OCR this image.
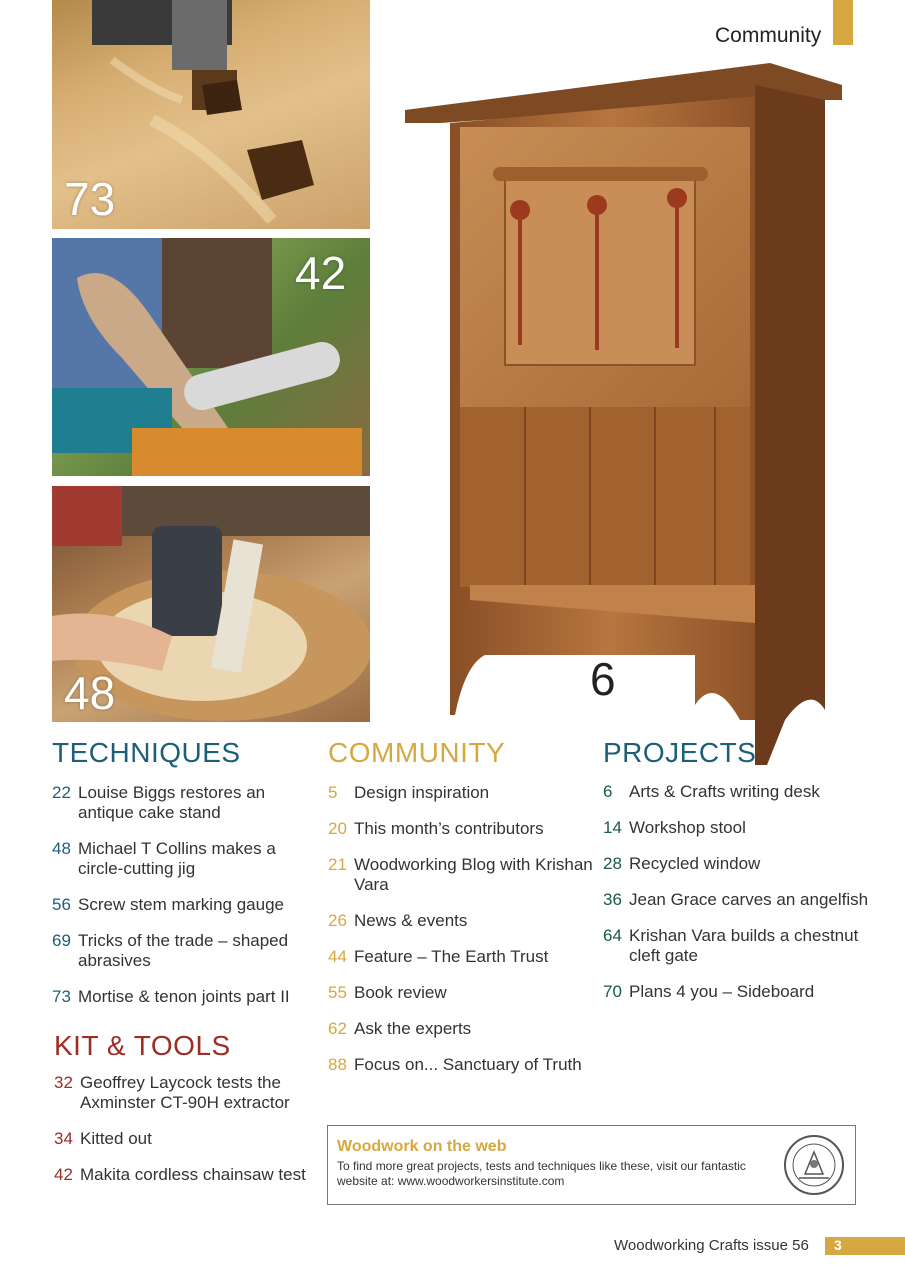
Community
73
42
48	6
TECHNIQUES
22 Louise Biggs restores an antique cake stand
48 Michael T Collins makes a circle-cutting jig
56 Screw stem marking gauge
69 Tricks of the trade – shaped abrasives
73 Mortise & tenon joints part II
KIT & TOOLS
32 Geoffrey Laycock tests the Axminster CT-90H extractor
34 Kitted out
42 Makita cordless chainsaw test
COMMUNITY
5 Design inspiration
20 This month’s contributors
21 Woodworking Blog with Krishan Vara
26 News & events
44 Feature – The Earth Trust
55 Book review
62 Ask the experts
88 Focus on... Sanctuary of Truth
PROJECTS
6 Arts & Crafts writing desk
14 Workshop stool
28 Recycled window
36 Jean Grace carves an angelfish
64 Krishan Vara builds a chestnut cleft gate
70 Plans 4 you – Sideboard
Woodwork on the web
To find more great projects, tests and techniques like these, visit our fantastic website at: www.woodworkersinstitute.com
Woodworking Crafts issue 56 3
